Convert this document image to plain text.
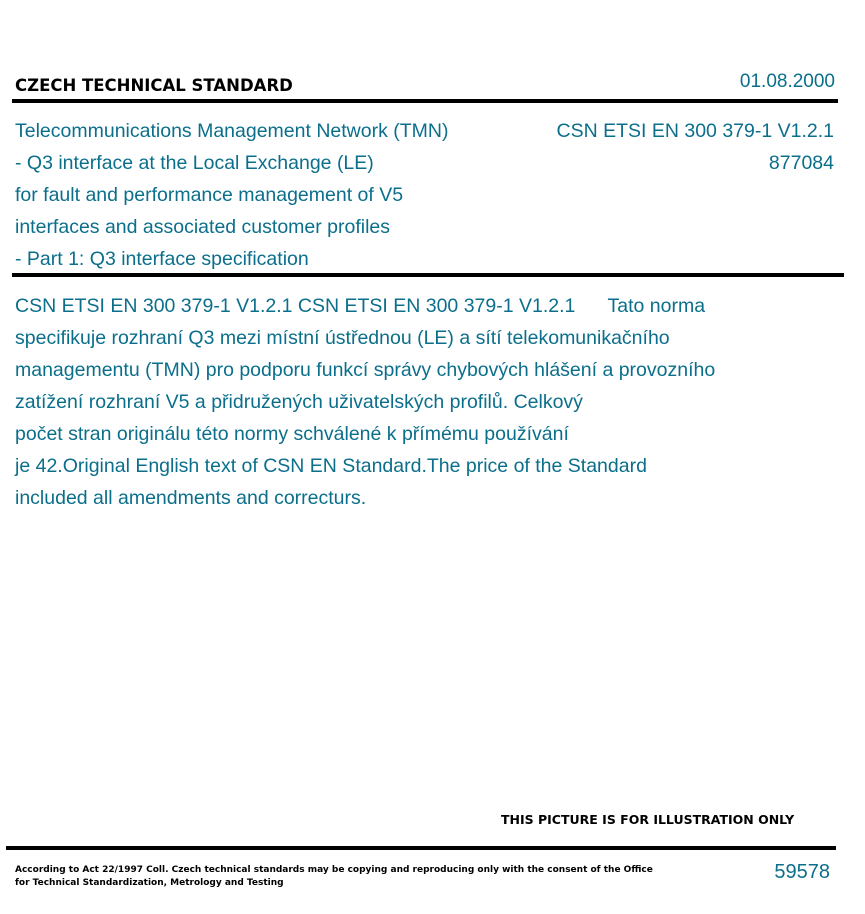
CZECH TECHNICAL STANDARD	01.08.2000
Telecommunications Management Network (TMN)
- Q3 interface at the Local Exchange (LE)
for fault and performance management of V5
interfaces and associated customer profiles
- Part 1: Q3 interface specification
CSN ETSI EN 300 379-1 V1.2.1
877084
CSN ETSI EN 300 379-1 V1.2.1 CSN ETSI EN 300 379-1 V1.2.1      Tato norma
specifikuje rozhraní Q3 mezi místní ústřednou (LE) a sítí telekomunikačního
managementu (TMN) pro podporu funkcí správy chybových hlášení a provozního
zatížení rozhraní V5 a přidružených uživatelských profilů. Celkový
počet stran originálu této normy schválené k přímému používání
je 42.Original English text of CSN EN Standard.The price of the Standard
included all amendments and correcturs.
THIS PICTURE IS FOR ILLUSTRATION ONLY
According to Act 22/1997 Coll. Czech technical standards may be copying and reproducing only with the consent of the Office
for Technical Standardization, Metrology and Testing	59578
